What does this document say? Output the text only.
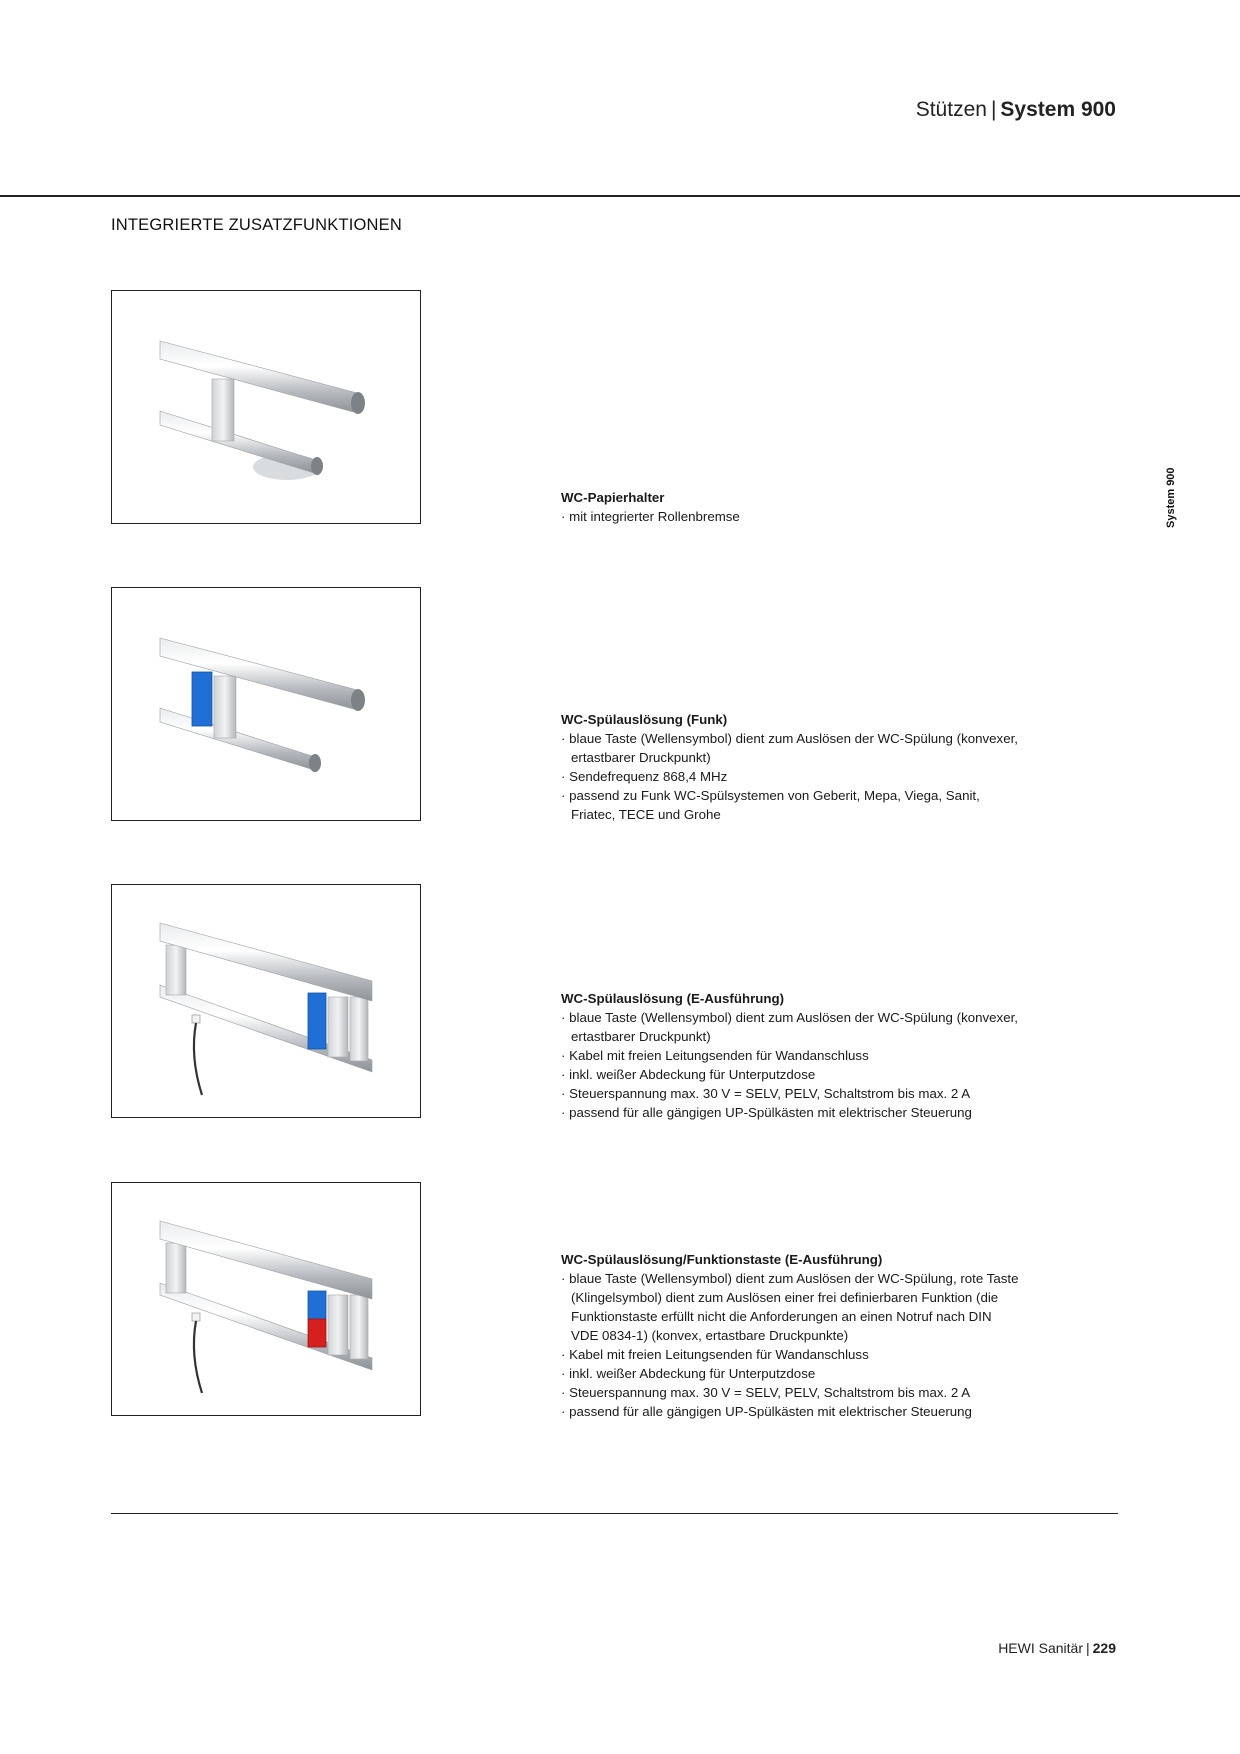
Stützen | System 900
INTEGRIERTE ZUSATZFUNKTIONEN
System 900
WC-Papierhalter
· mit integrierter Rollenbremse
WC-Spülauslösung (Funk)
· blaue Taste (Wellensymbol) dient zum Auslösen der WC-Spülung (konvexer, ertastbarer Druckpunkt)
· Sendefrequenz 868,4 MHz
· passend zu Funk WC-Spülsystemen von Geberit, Mepa, Viega, Sanit, Friatec, TECE und Grohe
WC-Spülauslösung (E-Ausführung)
· blaue Taste (Wellensymbol) dient zum Auslösen der WC-Spülung (konvexer, ertastbarer Druckpunkt)
· Kabel mit freien Leitungsenden für Wandanschluss
· inkl. weißer Abdeckung für Unterputzdose
· Steuerspannung max. 30 V = SELV, PELV, Schaltstrom bis max. 2 A
· passend für alle gängigen UP-Spülkästen mit elektrischer Steuerung
WC-Spülauslösung/Funktionstaste (E-Ausführung)
· blaue Taste (Wellensymbol) dient zum Auslösen der WC-Spülung, rote Taste (Klingelsymbol) dient zum Auslösen einer frei definierbaren Funktion (die Funktionstaste erfüllt nicht die Anforderungen an einen Notruf nach DIN VDE 0834-1) (konvex, ertastbare Druckpunkte)
· Kabel mit freien Leitungsenden für Wandanschluss
· inkl. weißer Abdeckung für Unterputzdose
· Steuerspannung max. 30 V = SELV, PELV, Schaltstrom bis max. 2 A
· passend für alle gängigen UP-Spülkästen mit elektrischer Steuerung
HEWI Sanitär | 229
